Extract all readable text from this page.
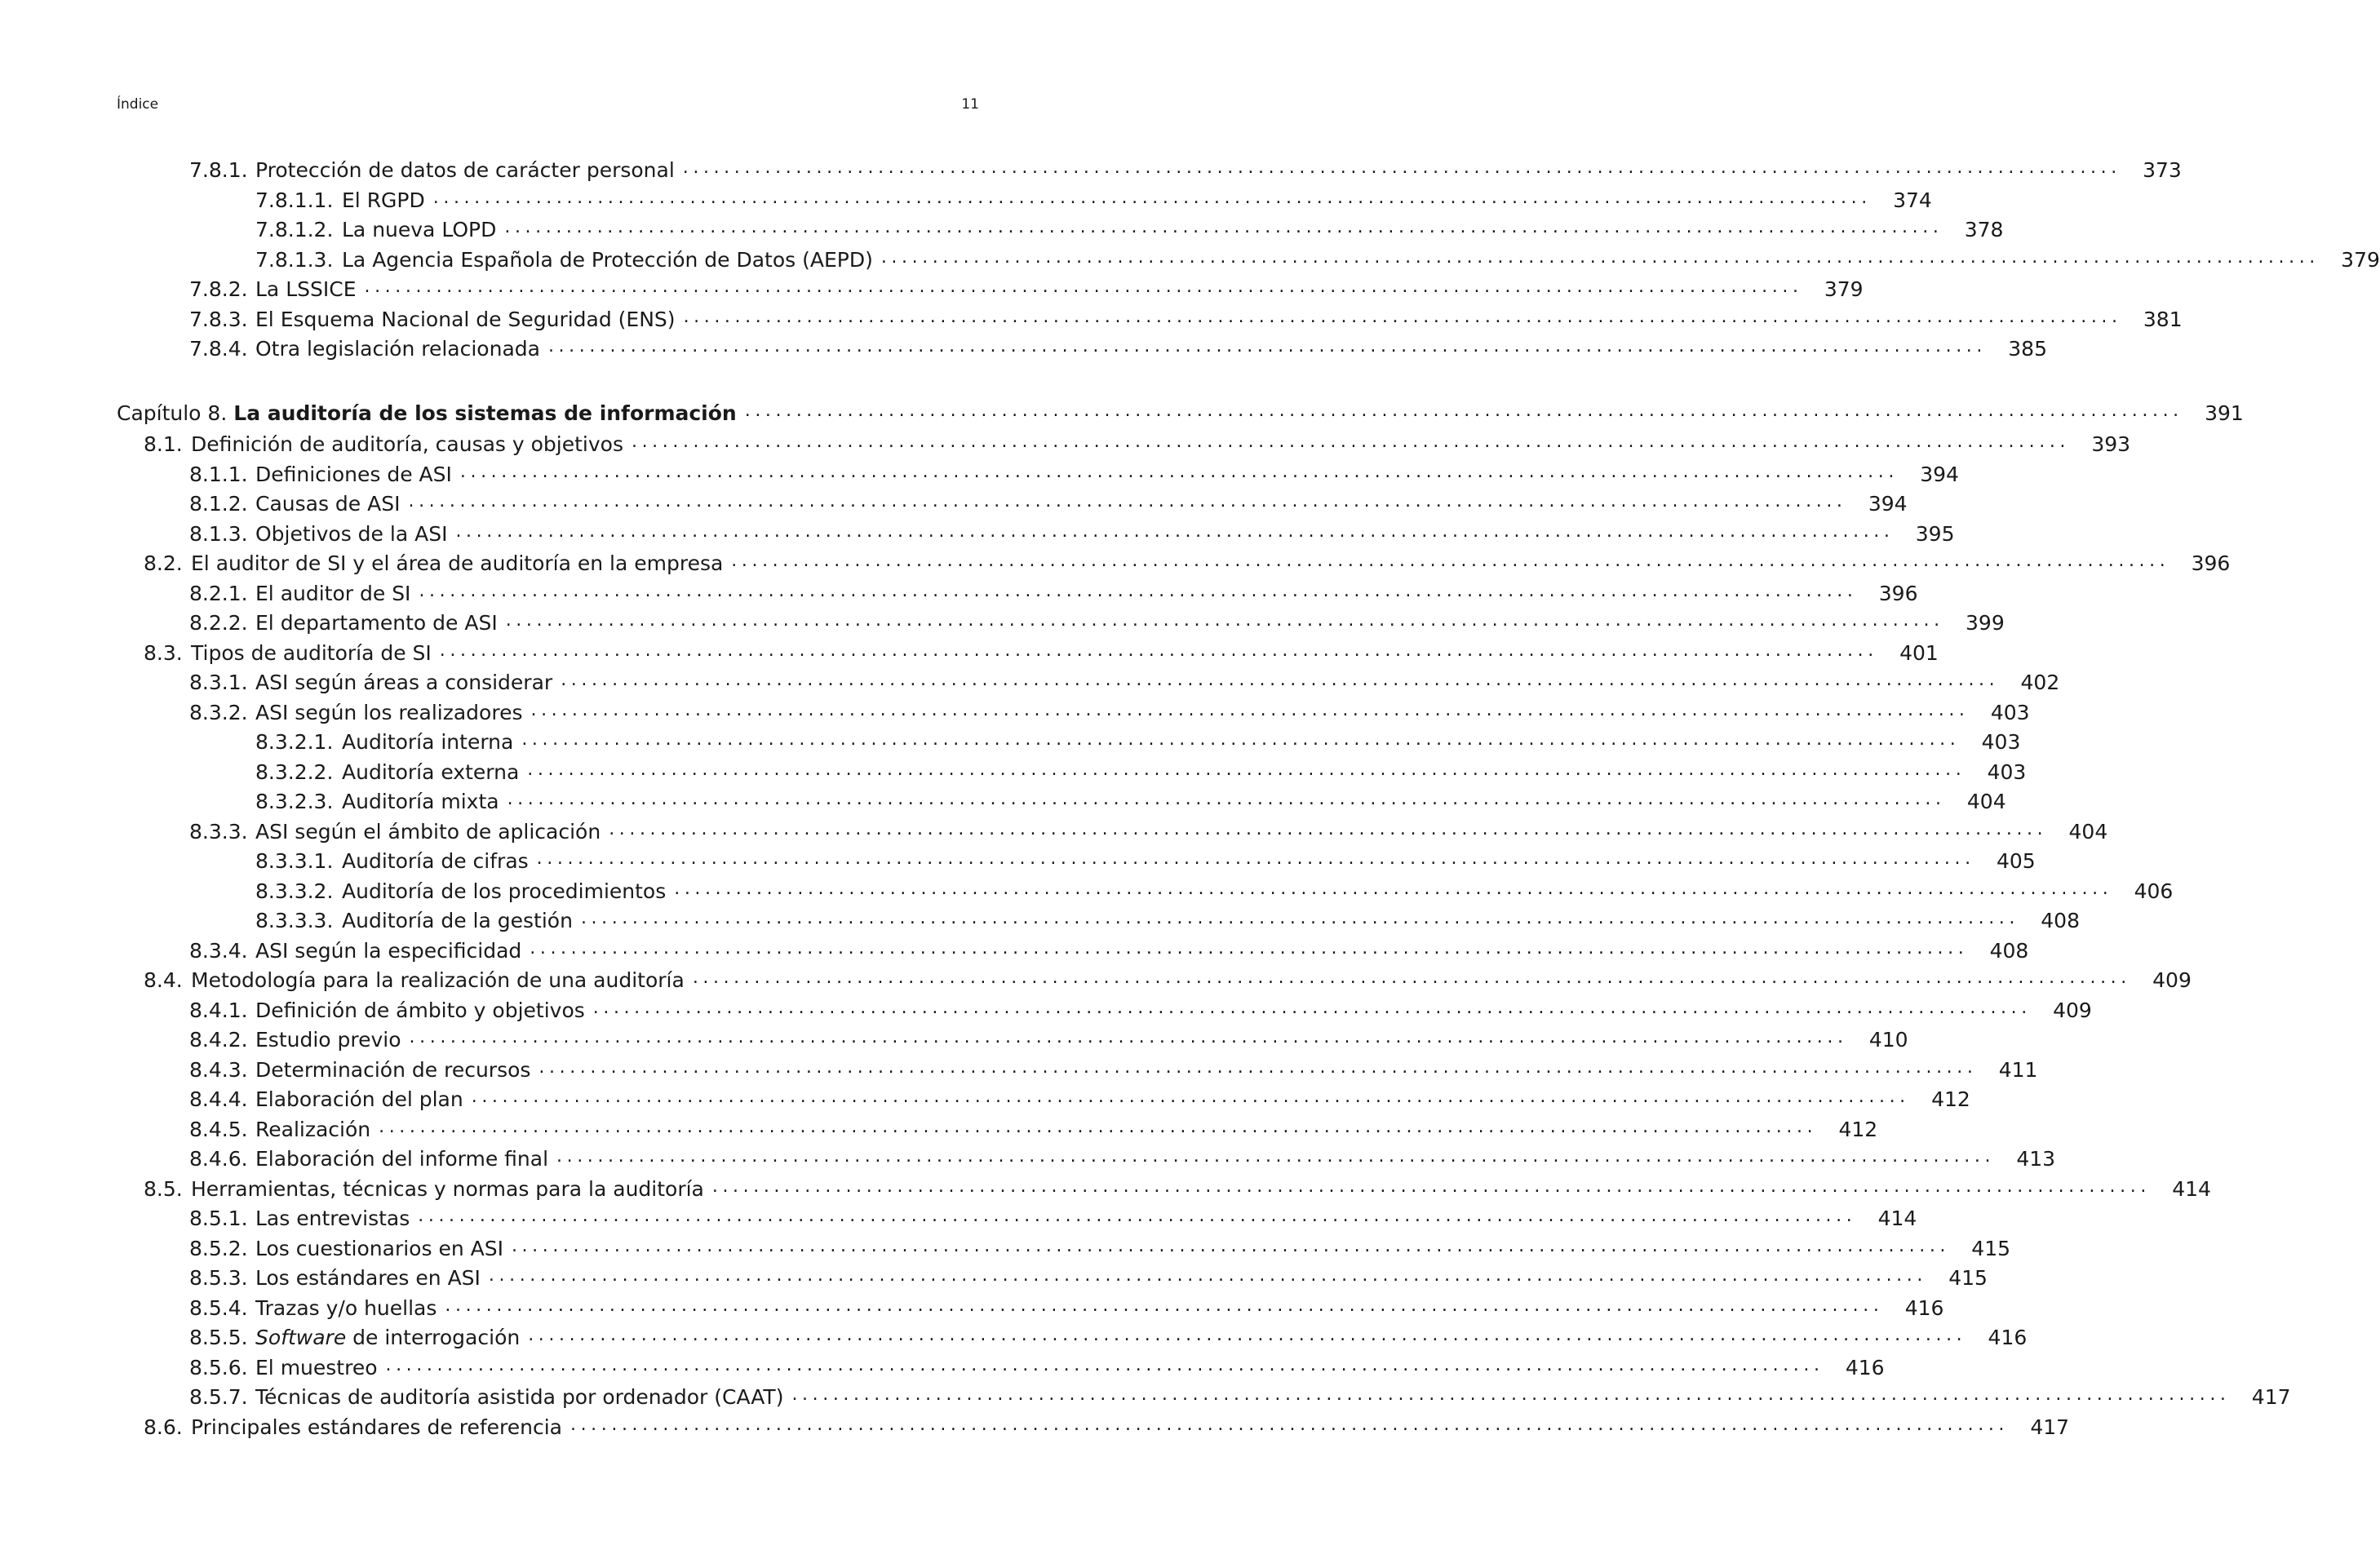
Índice	11
7.8.1. Protección de datos de carácter personal ............................................................................................................................................	373
7.8.1.1. El RGPD ............................................................................................................................................	374
7.8.1.2. La nueva LOPD ............................................................................................................................................	378
7.8.1.3. La Agencia Española de Protección de Datos (AEPD) ............................................................................................................................................	379
7.8.2. La LSSICE ............................................................................................................................................	379
7.8.3. El Esquema Nacional de Seguridad (ENS) ............................................................................................................................................	381
7.8.4. Otra legislación relacionada ............................................................................................................................................	385
Capítulo 8. La auditoría de los sistemas de información ............................................................................................................................................	391
8.1. Definición de auditoría, causas y objetivos ............................................................................................................................................	393
8.1.1. Definiciones de ASI ............................................................................................................................................	394
8.1.2. Causas de ASI ............................................................................................................................................	394
8.1.3. Objetivos de la ASI ............................................................................................................................................	395
8.2. El auditor de SI y el área de auditoría en la empresa ............................................................................................................................................	396
8.2.1. El auditor de SI ............................................................................................................................................	396
8.2.2. El departamento de ASI ............................................................................................................................................	399
8.3. Tipos de auditoría de SI ............................................................................................................................................	401
8.3.1. ASI según áreas a considerar ............................................................................................................................................	402
8.3.2. ASI según los realizadores ............................................................................................................................................	403
8.3.2.1. Auditoría interna ............................................................................................................................................	403
8.3.2.2. Auditoría externa ............................................................................................................................................	403
8.3.2.3. Auditoría mixta ............................................................................................................................................	404
8.3.3. ASI según el ámbito de aplicación ............................................................................................................................................	404
8.3.3.1. Auditoría de cifras ............................................................................................................................................	405
8.3.3.2. Auditoría de los procedimientos ............................................................................................................................................	406
8.3.3.3. Auditoría de la gestión ............................................................................................................................................	408
8.3.4. ASI según la especificidad ............................................................................................................................................	408
8.4. Metodología para la realización de una auditoría ............................................................................................................................................	409
8.4.1. Definición de ámbito y objetivos ............................................................................................................................................	409
8.4.2. Estudio previo ............................................................................................................................................	410
8.4.3. Determinación de recursos ............................................................................................................................................	411
8.4.4. Elaboración del plan ............................................................................................................................................	412
8.4.5. Realización ............................................................................................................................................	412
8.4.6. Elaboración del informe final ............................................................................................................................................	413
8.5. Herramientas, técnicas y normas para la auditoría ............................................................................................................................................	414
8.5.1. Las entrevistas ............................................................................................................................................	414
8.5.2. Los cuestionarios en ASI ............................................................................................................................................	415
8.5.3. Los estándares en ASI ............................................................................................................................................	415
8.5.4. Trazas y/o huellas ............................................................................................................................................	416
8.5.5. Software de interrogación ............................................................................................................................................	416
8.5.6. El muestreo ............................................................................................................................................	416
8.5.7. Técnicas de auditoría asistida por ordenador (CAAT) ............................................................................................................................................	417
8.6. Principales estándares de referencia ............................................................................................................................................	417
